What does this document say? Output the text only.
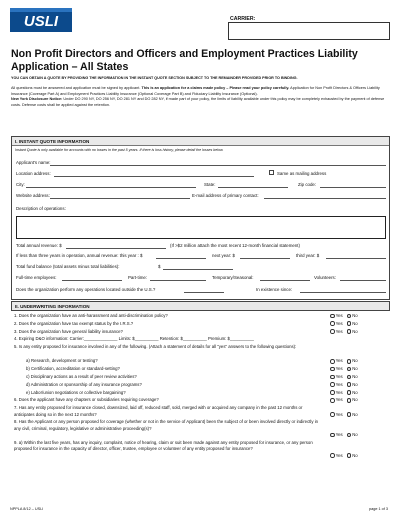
USLI	CARRIER:
Non Profit Directors and Officers and Employment Practices Liability Application – All States
YOU CAN OBTAIN A QUOTE BY PROVIDING THE INFORMATION IN THE INSTANT QUOTE SECTION SUBJECT TO THE REMAINDER PROVIDED PRIOR TO BINDING.
All questions must be answered and application must be signed by applicant. This is an application for a claims made policy – Please read your policy carefully. Application for Non Profit Directors & Officers Liability Insurance (Coverage Part A) and Employment Practices Liability Insurance (Optional Coverage Part B) and Fiduciary Liability Insurance (Optional).
New York Disclosure Notice: Under DO 290 NY, DO 256 NY, DO 281 NY and DO 282 NY, if made part of your policy, the limits of liability available under this policy may be completely exhausted by the payment of defense costs. Defense costs shall be applied against the retention.
I. INSTANT QUOTE INFORMATION
Instant Quote is only available for accounts with no losses in the past 5 years. If there is loss history, please detail the losses below.
Applicant's name:
Location address:	Same as mailing address
City:	State:	Zip code:
Website address:	E-mail address of primary contact:
Description of operations:
Total annual revenue: $	(If >$2 million attach the most recent 12-month financial statement)
If less than three years in operation, annual revenue: this year : $	next year: $	third year: $
Total fund balance (total assets minus total liabilities):	$
Full-time employees:	Part-time:	Temporary/Seasonal:	Volunteers:
Does the organization perform any operations located outside the U.S.?	In existence since:
II. UNDERWRITING INFORMATION
1. Does the organization have an anti-harassment and anti-discrimination policy?	Yes No
2. Does the organization have tax exempt status by the I.R.S.?	Yes No
3. Does the organization have general liability insurance?	Yes No
4. Expiring D&O information: Carrier:______________ Limits: $__________ Retention: $__________ Premium: $__________
5. Is any entity proposed for insurance involved in any of the following. (Attach a statement of details for all "yes" answers to the following questions):
a) Research, development or testing?	Yes No
b) Certification, accreditation or standard-setting?	Yes No
c) Disciplinary actions as a result of peer review activities?	Yes No
d) Administration or sponsorship of any insurance programs?	Yes No
e) Labor/union negotiations or collective bargaining?	Yes No
6. Does the applicant have any chapters or subsidiaries requiring coverage?	Yes No
7. Has any entity proposed for insurance closed, downsized, laid off, reduced staff, sold, merged with or acquired any company in the past 12 months or anticipates doing so in the next 12 months?	Yes No
8. Has the Applicant or any person proposed for coverage (whether or not in the service of Applicant) been the subject of or been involved directly or indirectly in any civil, criminal, regulatory, legislative or administrative proceeding(s)?
Yes No
9. a) Within the last five years, has any inquiry, complaint, notice of hearing, claim or suit been made against any entity proposed for insurance, or any person proposed for insurance in the capacity of director, officer, trustee, employee or volunteer of any entity proposed for insurance?
Yes No
NPPLA 8/12 – USLI	page 1 of 3
